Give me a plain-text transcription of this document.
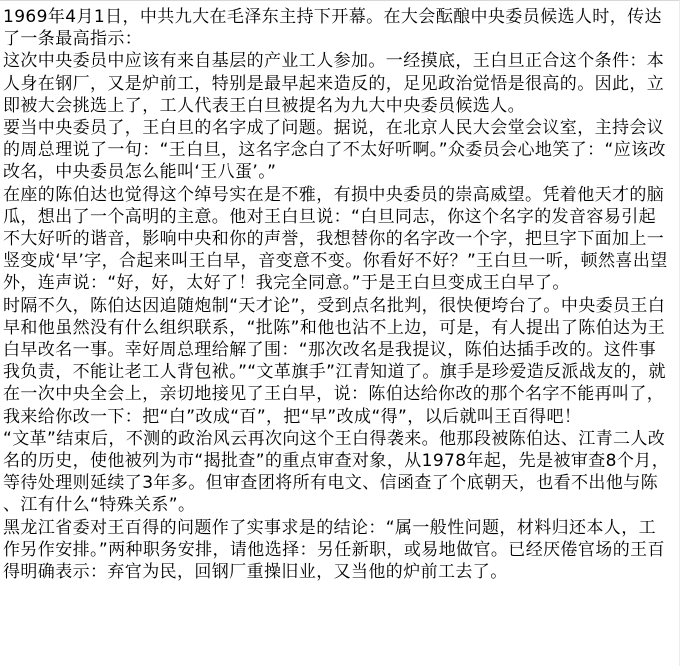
1969年4月1日，中共九大在毛泽东主持下开幕。在大会酝酿中央委员候选人时，传达了一条最高指示：

这次中央委员中应该有来自基层的产业工人参加。一经摸底，王白旦正合这个条件：本人身在钢厂，又是炉前工，特别是最早起来造反的，足见政治觉悟是很高的。因此，立即被大会挑选上了，工人代表王白旦被提名为九大中央委员候选人。

要当中央委员了，王白旦的名字成了问题。据说，在北京人民大会堂会议室，主持会议的周总理说了一句：“王白旦，这名字念白了不太好听啊。”众委员会心地笑了：“应该改改名，中央委员怎么能叫‘王八蛋’。”

在座的陈伯达也觉得这个绰号实在是不雅，有损中央委员的崇高威望。凭着他天才的脑瓜，想出了一个高明的主意。他对王白旦说：“白旦同志，你这个名字的发音容易引起不大好听的谐音，影响中央和你的声誉，我想替你的名字改一个字，把旦字下面加上一竖变成‘早’字，合起来叫王白早，音变意不变。你看好不好？”王白旦一听，顿然喜出望外，连声说：“好，好，太好了！我完全同意。”于是王白旦变成王白早了。

时隔不久，陈伯达因追随炮制“天才论”，受到点名批判，很快便垮台了。中央委员王白早和他虽然没有什么组织联系，“批陈”和他也沾不上边，可是，有人提出了陈伯达为王白早改名一事。幸好周总理给解了围：“那次改名是我提议，陈伯达插手改的。这件事我负责，不能让老工人背包袱。”“文革旗手”江青知道了。旗手是珍爱造反派战友的，就在一次中央全会上，亲切地接见了王白早，说：陈伯达给你改的那个名字不能再叫了，我来给你改一下：把“白”改成“百”，把“早”改成“得”，以后就叫王百得吧！

“文革”结束后，不测的政治风云再次向这个王白得袭来。他那段被陈伯达、江青二人改名的历史，使他被列为市“揭批查”的重点审查对象，从1978年起，先是被审查8个月，等待处理则延续了3年多。但审查团将所有电文、信函查了个底朝天，也看不出他与陈、江有什么“特殊关系”。

黑龙江省委对王百得的问题作了实事求是的结论：“属一般性问题，材料归还本人，工作另作安排。”两种职务安排，请他选择：另任新职，或易地做官。已经厌倦官场的王百得明确表示：弃官为民，回钢厂重操旧业，又当他的炉前工去了。
